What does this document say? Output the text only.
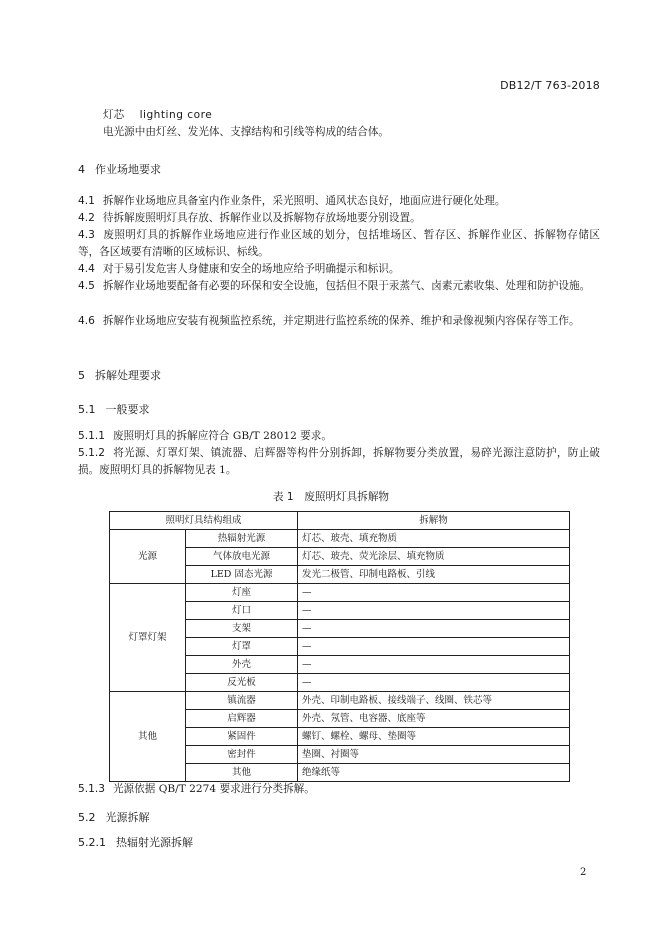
DB12/T 763-2018
灯芯 lighting core
电光源中由灯丝、发光体、支撑结构和引线等构成的结合体。
4 作业场地要求
4.1 拆解作业场地应具备室内作业条件，采光照明、通风状态良好，地面应进行硬化处理。
4.2 待拆解废照明灯具存放、拆解作业以及拆解物存放场地要分别设置。
4.3 废照明灯具的拆解作业场地应进行作业区域的划分，包括堆场区、暂存区、拆解作业区、拆解物存储区等，各区域要有清晰的区域标识、标线。
4.4 对于易引发危害人身健康和安全的场地应给予明确提示和标识。
4.5 拆解作业场地要配备有必要的环保和安全设施，包括但不限于汞蒸气、卤素元素收集、处理和防护设施。
4.6 拆解作业场地应安装有视频监控系统，并定期进行监控系统的保养、维护和录像视频内容保存等工作。
5 拆解处理要求
5.1 一般要求
5.1.1 废照明灯具的拆解应符合 GB/T 28012 要求。
5.1.2 将光源、灯罩灯架、镇流器、启辉器等构件分别拆卸，拆解物要分类放置，易碎光源注意防护，防止破损。废照明灯具的拆解物见表 1。
表 1　废照明灯具拆解物
照明灯具结构组成		拆解物
光源	热辐射光源	灯芯、玻壳、填充物质
	气体放电光源	灯芯、玻壳、荧光涂层、填充物质
	LED 固态光源	发光二极管、印制电路板、引线
灯罩灯架	灯座	—
	灯口	—
	支架	—
	灯罩	—
	外壳	—
	反光板	—
其他	镇流器	外壳、印制电路板、接线端子、线圈、铁芯等
	启辉器	外壳、氖管、电容器、底座等
	紧固件	螺钉、螺栓、螺母、垫圈等
	密封件	垫圈、衬圈等
	其他	绝缘纸等
5.1.3 光源依据 QB/T 2274 要求进行分类拆解。
5.2 光源拆解
5.2.1 热辐射光源拆解
2
